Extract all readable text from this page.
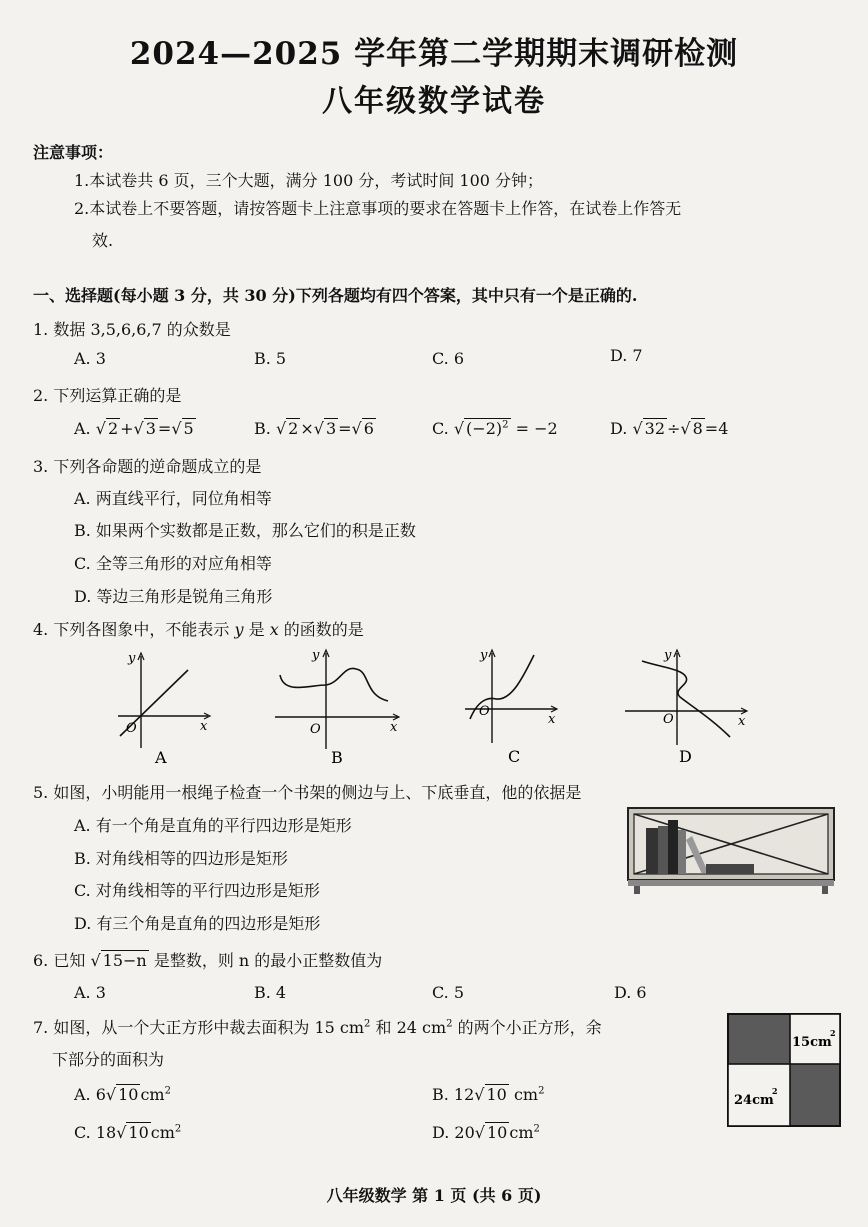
2024—2025 学年第二学期期末调研检测
八年级数学试卷
注意事项：
1.本试卷共 6 页，三个大题，满分 100 分，考试时间 100 分钟；
2.本试卷上不要答题，请按答题卡上注意事项的要求在答题卡上作答，在试卷上作答无
效.
一、选择题(每小题 3 分，共 30 分)下列各题均有四个答案，其中只有一个是正确的.
1. 数据 3,5,6,6,7 的众数是
A. 3	B. 5	C. 6	D. 7
2. 下列运算正确的是
A. √ 2 +√ 3 =√ 5	B. √ 2 ×√ 3 =√ 6	C. √ $(-2)^2 = -2$	D. √ 32 ÷√ 8 =4
3. 下列各命题的逆命题成立的是
A. 两直线平行，同位角相等
B. 如果两个实数都是正数，那么它们的积是正数
C. 全等三角形的对应角相等
D. 等边三角形是锐角三角形
4. 下列各图象中，不能表示 y 是 x 的函数的是
y
x
O
A
y
x
O
B
y
x
O
C
y
x
O
D
5. 如图，小明能用一根绳子检查一个书架的侧边与上、下底垂直，他的依据是
A. 有一个角是直角的平行四边形是矩形
B. 对角线相等的四边形是矩形
C. 对角线相等的平行四边形是矩形
D. 有三个角是直角的四边形是矩形
6. 已知 √ 15−n 是整数，则 n 的最小正整数值为
A. 3	B. 4	C. 5	D. 6
7. 如图，从一个大正方形中裁去面积为 15 $cm^2$ 和 24 $cm^2$ 的两个小正方形，余
下部分的面积为
A. 6√ 10 $cm^2$	B. 12√ 10 $cm^2$
C. 18√ 10 $cm^2$	D. 20√ 10 $cm^2$
15cm
2
24cm
2
八年级数学 第 1 页 (共 6 页)
